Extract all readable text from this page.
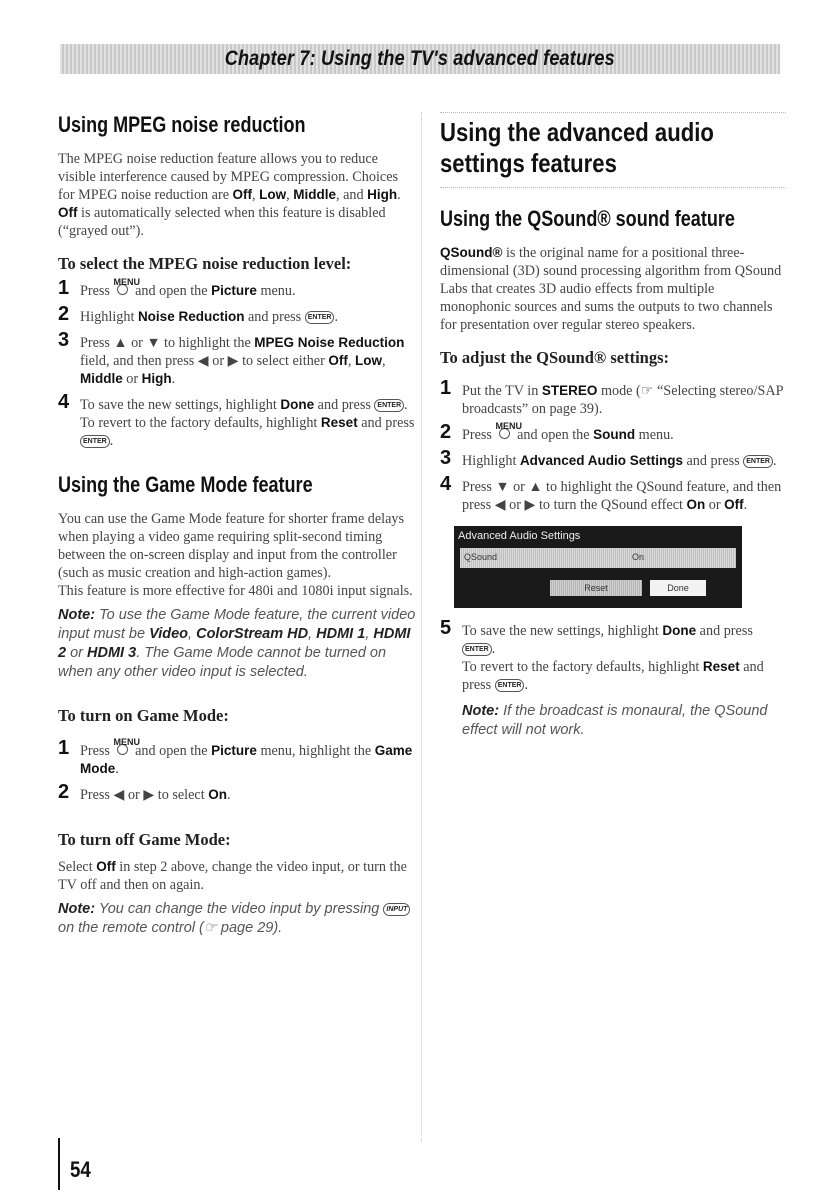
Chapter 7: Using the TV's advanced features
Using MPEG noise reduction

The MPEG noise reduction feature allows you to reduce visible interference caused by MPEG compression. Choices for MPEG noise reduction are Off, Low, Middle, and High. Off is automatically selected when this feature is disabled (“grayed out”).

To select the MPEG noise reduction level:
1 Press
MENU
and open the Picture menu.
2 Highlight Noise Reduction and press ENTER .
3 Press ▲ or ▼ to highlight the MPEG Noise Reduction field, and then press ◀ or ▶ to select either Off, Low, Middle or High.
4 To save the new settings, highlight Done and press ENTER .
To revert to the factory defaults, highlight Reset and press ENTER .
Using the Game Mode feature

You can use the Game Mode feature for shorter frame delays when playing a video game requiring split-second timing between the on-screen display and input from the controller (such as music creation and high-action games).

This feature is more effective for 480i and 1080i input signals.

Note: To use the Game Mode feature, the current video input must be Video, ColorStream HD, HDMI 1, HDMI 2 or HDMI 3. The Game Mode cannot be turned on when any other video input is selected.
To turn on Game Mode:
1 Press
MENU
and open the Picture menu, highlight the Game Mode.
2 Press ◀ or ▶ to select On.
To turn off Game Mode:

Select Off in step 2 above, change the video input, or turn the TV off and then on again.

Note: You can change the video input by pressing INPUT on the remote control (☞ page 29).
Using the advanced audio settings features
Using the QSound® sound feature

QSound® is the original name for a positional three-dimensional (3D) sound processing algorithm from QSound Labs that creates 3D audio effects from multiple monophonic sources and sums the outputs to two channels for presentation over regular stereo speakers.

To adjust the QSound® settings:
1 Put the TV in STEREO mode (☞ “Selecting stereo/SAP broadcasts” on page 39).
2 Press
MENU
and open the Sound menu.
3 Highlight Advanced Audio Settings and press ENTER .
4 Press ▼ or ▲ to highlight the QSound feature, and then press ◀ or ▶ to turn the QSound effect On or Off.
Advanced Audio Settings
QSound	On
Reset	Done
5 To save the new settings, highlight Done and press ENTER .
To revert to the factory defaults, highlight Reset and press ENTER .
Note: If the broadcast is monaural, the QSound effect will not work.
54
